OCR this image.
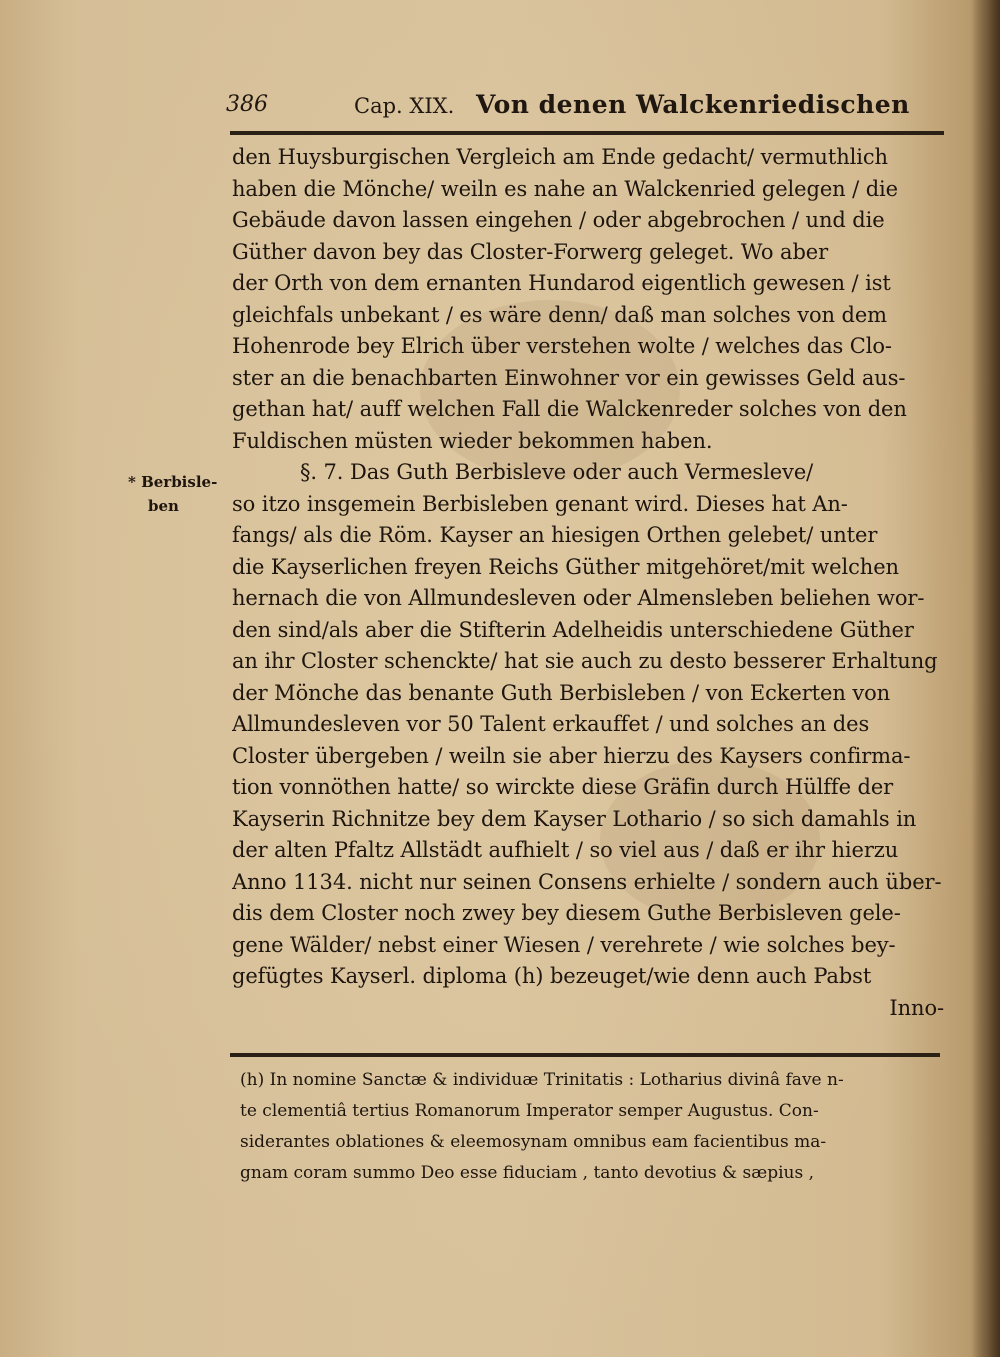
386	Cap. XIX. Von denen Walckenriedischen
* Berbisle-
ben
den Huysburgischen Vergleich am Ende gedacht/ vermuthlich
haben die Mönche/ weiln es nahe an Walckenried gelegen / die
Gebäude davon lassen eingehen / oder abgebrochen / und die
Güther davon bey das Closter-Forwerg geleget. Wo aber
der Orth von dem ernanten Hundarod eigentlich gewesen / ist
gleichfals unbekant / es wäre denn/ daß man solches von dem
Hohenrode bey Elrich über verstehen wolte / welches das Clo-
ster an die benachbarten Einwohner vor ein gewisses Geld aus-
gethan hat/ auff welchen Fall die Walckenreder solches von den
Fuldischen müsten wieder bekommen haben.
§. 7. Das Guth Berbisleve oder auch Vermesleve/
so itzo insgemein Berbisleben genant wird. Dieses hat An-
fangs/ als die Röm. Kayser an hiesigen Orthen gelebet/ unter
die Kayserlichen freyen Reichs Güther mitgehöret/mit welchen
hernach die von Allmundesleven oder Almensleben beliehen wor-
den sind/als aber die Stifterin Adelheidis unterschiedene Güther
an ihr Closter schenckte/ hat sie auch zu desto besserer Erhaltung
der Mönche das benante Guth Berbisleben / von Eckerten von
Allmundesleven vor 50 Talent erkauffet / und solches an des
Closter übergeben / weiln sie aber hierzu des Kaysers confirma-
tion vonnöthen hatte/ so wirckte diese Gräfin durch Hülffe der
Kayserin Richnitze bey dem Kayser Lothario / so sich damahls in
der alten Pfaltz Allstädt aufhielt / so viel aus / daß er ihr hierzu
Anno 1134. nicht nur seinen Consens erhielte / sondern auch über-
dis dem Closter noch zwey bey diesem Guthe Berbisleven gele-
gene Wälder/ nebst einer Wiesen / verehrete / wie solches bey-
gefügtes Kayserl. diploma (h) bezeuget/wie denn auch Pabst
Inno-
(h) In nomine Sanctæ & individuæ Trinitatis : Lotharius divinâ fave n-
te clementiâ tertius Romanorum Imperator semper Augustus. Con-
siderantes oblationes & eleemosynam omnibus eam facientibus ma-
gnam coram summo Deo esse fiduciam , tanto devotius & sæpius ,
